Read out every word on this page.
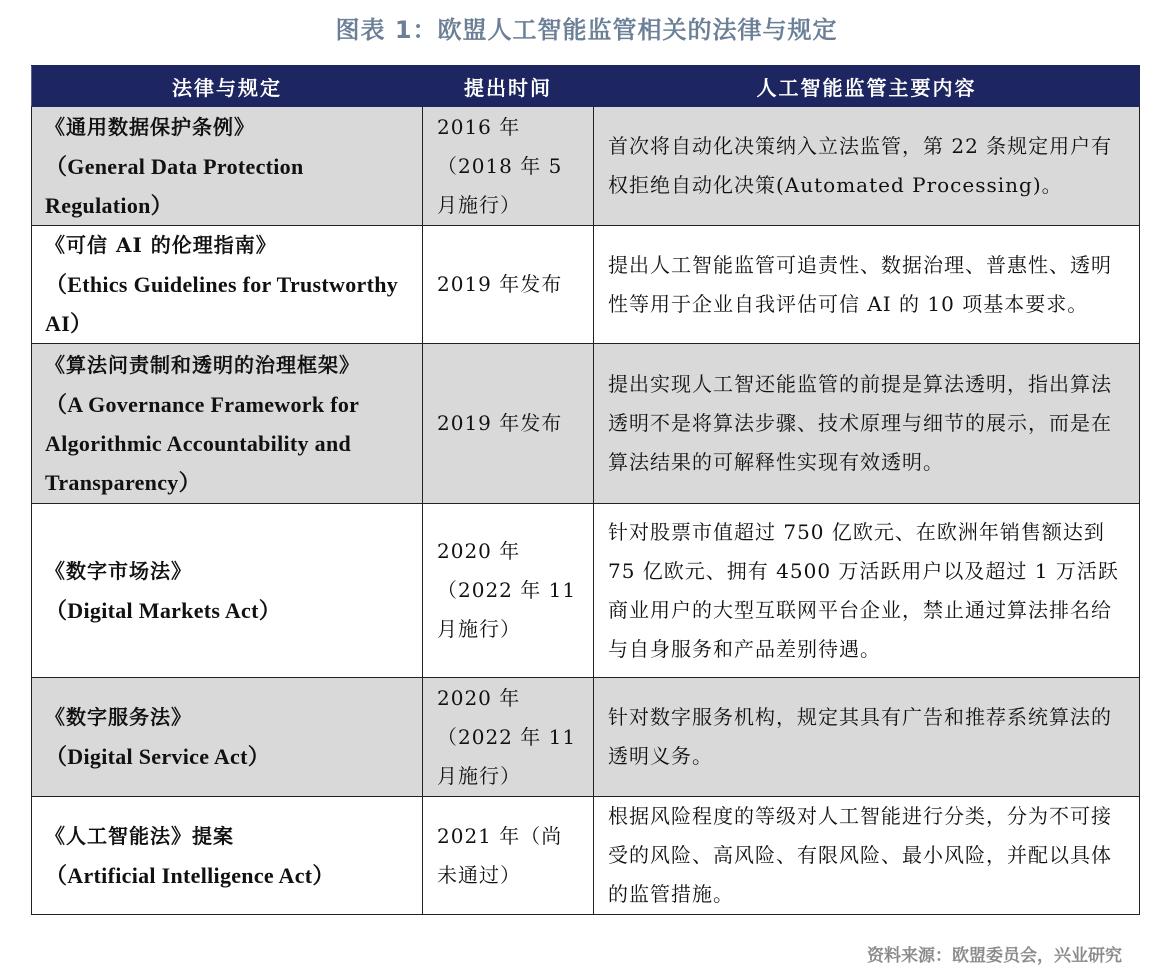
图表 1：欧盟人工智能监管相关的法律与规定
法律与规定	提出时间	人工智能监管主要内容

《通用数据保护条例》
（General Data Protection Regulation）	2016 年（2018 年 5 月施行）	首次将自动化决策纳入立法监管，第 22 条规定用户有权拒绝自动化决策(Automated Processing)。

《可信 AI 的伦理指南》
（Ethics Guidelines for Trustworthy AI）	2019 年发布	提出人工智能监管可追责性、数据治理、普惠性、透明性等用于企业自我评估可信 AI 的 10 项基本要求。

《算法问责制和透明的治理框架》
（A Governance Framework for Algorithmic Accountability and Transparency）	2019 年发布	提出实现人工智还能监管的前提是算法透明，指出算法透明不是将算法步骤、技术原理与细节的展示，而是在算法结果的可解释性实现有效透明。

《数字市场法》
（Digital Markets Act）	2020 年（2022 年 11 月施行）	针对股票市值超过 750 亿欧元、在欧洲年销售额达到 75 亿欧元、拥有 4500 万活跃用户以及超过 1 万活跃商业用户的大型互联网平台企业，禁止通过算法排名给与自身服务和产品差别待遇。

《数字服务法》
（Digital Service Act）	2020 年（2022 年 11 月施行）	针对数字服务机构，规定其具有广告和推荐系统算法的透明义务。

《人工智能法》提案
（Artificial Intelligence Act）	2021 年（尚未通过）	根据风险程度的等级对人工智能进行分类，分为不可接受的风险、高风险、有限风险、最小风险，并配以具体的监管措施。
资料来源：欧盟委员会，兴业研究
